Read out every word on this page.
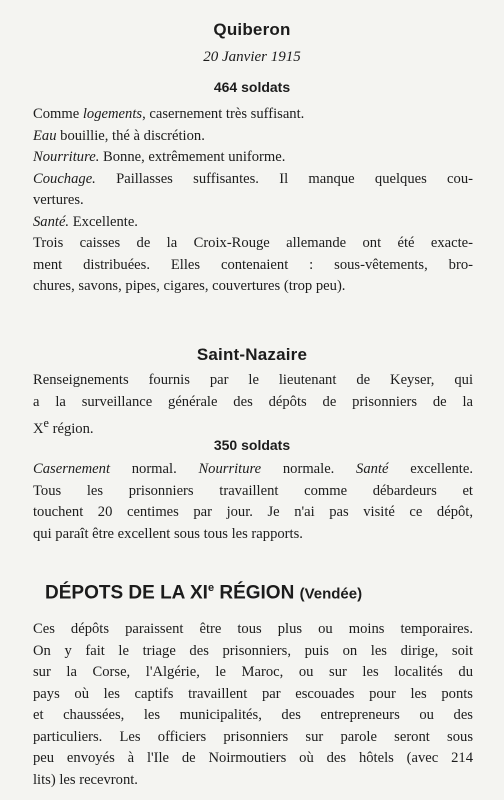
Quiberon
20 Janvier 1915
464 soldats
Comme logements, casernement très suffisant.
Eau bouillie, thé à discrétion.
Nourriture. Bonne, extrêmement uniforme.
Couchage. Paillasses suffisantes. Il manque quelques cou-
vertures.
Santé. Excellente.
Trois caisses de la Croix-Rouge allemande ont été exacte-
ment distribuées. Elles contenaient : sous-vêtements, bro-
chures, savons, pipes, cigares, couvertures (trop peu).
Saint-Nazaire
Renseignements fournis par le lieutenant de Keyser, qui
a la surveillance générale des dépôts de prisonniers de la
Xe région.
350 soldats
Casernement normal. Nourriture normale. Santé excellente.
Tous les prisonniers travaillent comme débardeurs et
touchent 20 centimes par jour. Je n'ai pas visité ce dépôt,
qui paraît être excellent sous tous les rapports.
DÉPOTS DE LA XIe RÉGION (Vendée)
Ces dépôts paraissent être tous plus ou moins temporaires.
On y fait le triage des prisonniers, puis on les dirige, soit
sur la Corse, l'Algérie, le Maroc, ou sur les localités du
pays où les captifs travaillent par escouades pour les ponts
et chaussées, les municipalités, des entrepreneurs ou des
particuliers. Les officiers prisonniers sur parole seront sous
peu envoyés à l'Ile de Noirmoutiers où des hôtels (avec 214
lits) les recevront.
